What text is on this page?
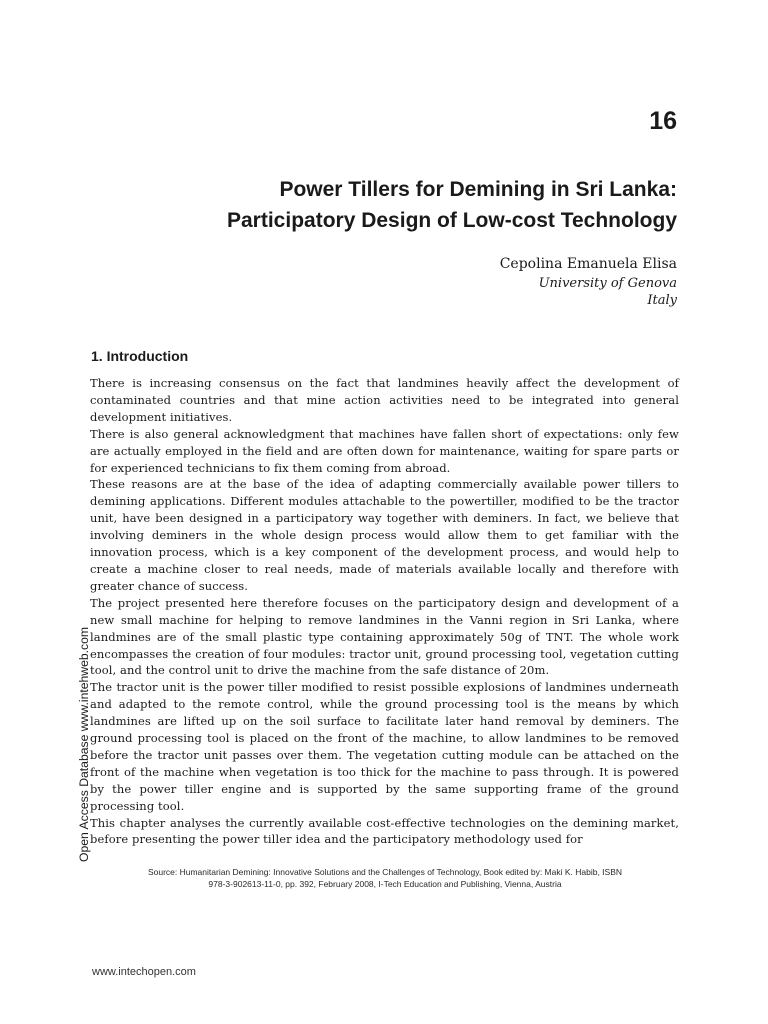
16
Power Tillers for Demining in Sri Lanka:
Participatory Design of Low-cost Technology
Cepolina Emanuela Elisa
University of Genova
Italy
1. Introduction

There is increasing consensus on the fact that landmines heavily affect the development of contaminated countries and that mine action activities need to be integrated into general development initiatives.

There is also general acknowledgment that machines have fallen short of expectations: only few are actually employed in the field and are often down for maintenance, waiting for spare parts or for experienced technicians to fix them coming from abroad.

These reasons are at the base of the idea of adapting commercially available power tillers to demining applications. Different modules attachable to the powertiller, modified to be the tractor unit, have been designed in a participatory way together with deminers. In fact, we believe that involving deminers in the whole design process would allow them to get familiar with the innovation process, which is a key component of the development process, and would help to create a machine closer to real needs, made of materials available locally and therefore with greater chance of success.

The project presented here therefore focuses on the participatory design and development of a new small machine for helping to remove landmines in the Vanni region in Sri Lanka, where landmines are of the small plastic type containing approximately 50g of TNT. The whole work encompasses the creation of four modules: tractor unit, ground processing tool, vegetation cutting tool, and the control unit to drive the machine from the safe distance of 20m.

The tractor unit is the power tiller modified to resist possible explosions of landmines underneath and adapted to the remote control, while the ground processing tool is the means by which landmines are lifted up on the soil surface to facilitate later hand removal by deminers. The ground processing tool is placed on the front of the machine, to allow landmines to be removed before the tractor unit passes over them. The vegetation cutting module can be attached on the front of the machine when vegetation is too thick for the machine to pass through. It is powered by the power tiller engine and is supported by the same supporting frame of the ground processing tool.

This chapter analyses the currently available cost-effective technologies on the demining market, before presenting the power tiller idea and the participatory methodology used for

Source: Humanitarian Demining: Innovative Solutions and the Challenges of Technology, Book edited by: Maki K. Habib, ISBN
978-3-902613-11-0, pp. 392, February 2008, I-Tech Education and Publishing, Vienna, Austria
Open Access Database www.intehweb.com
www.intechopen.com
